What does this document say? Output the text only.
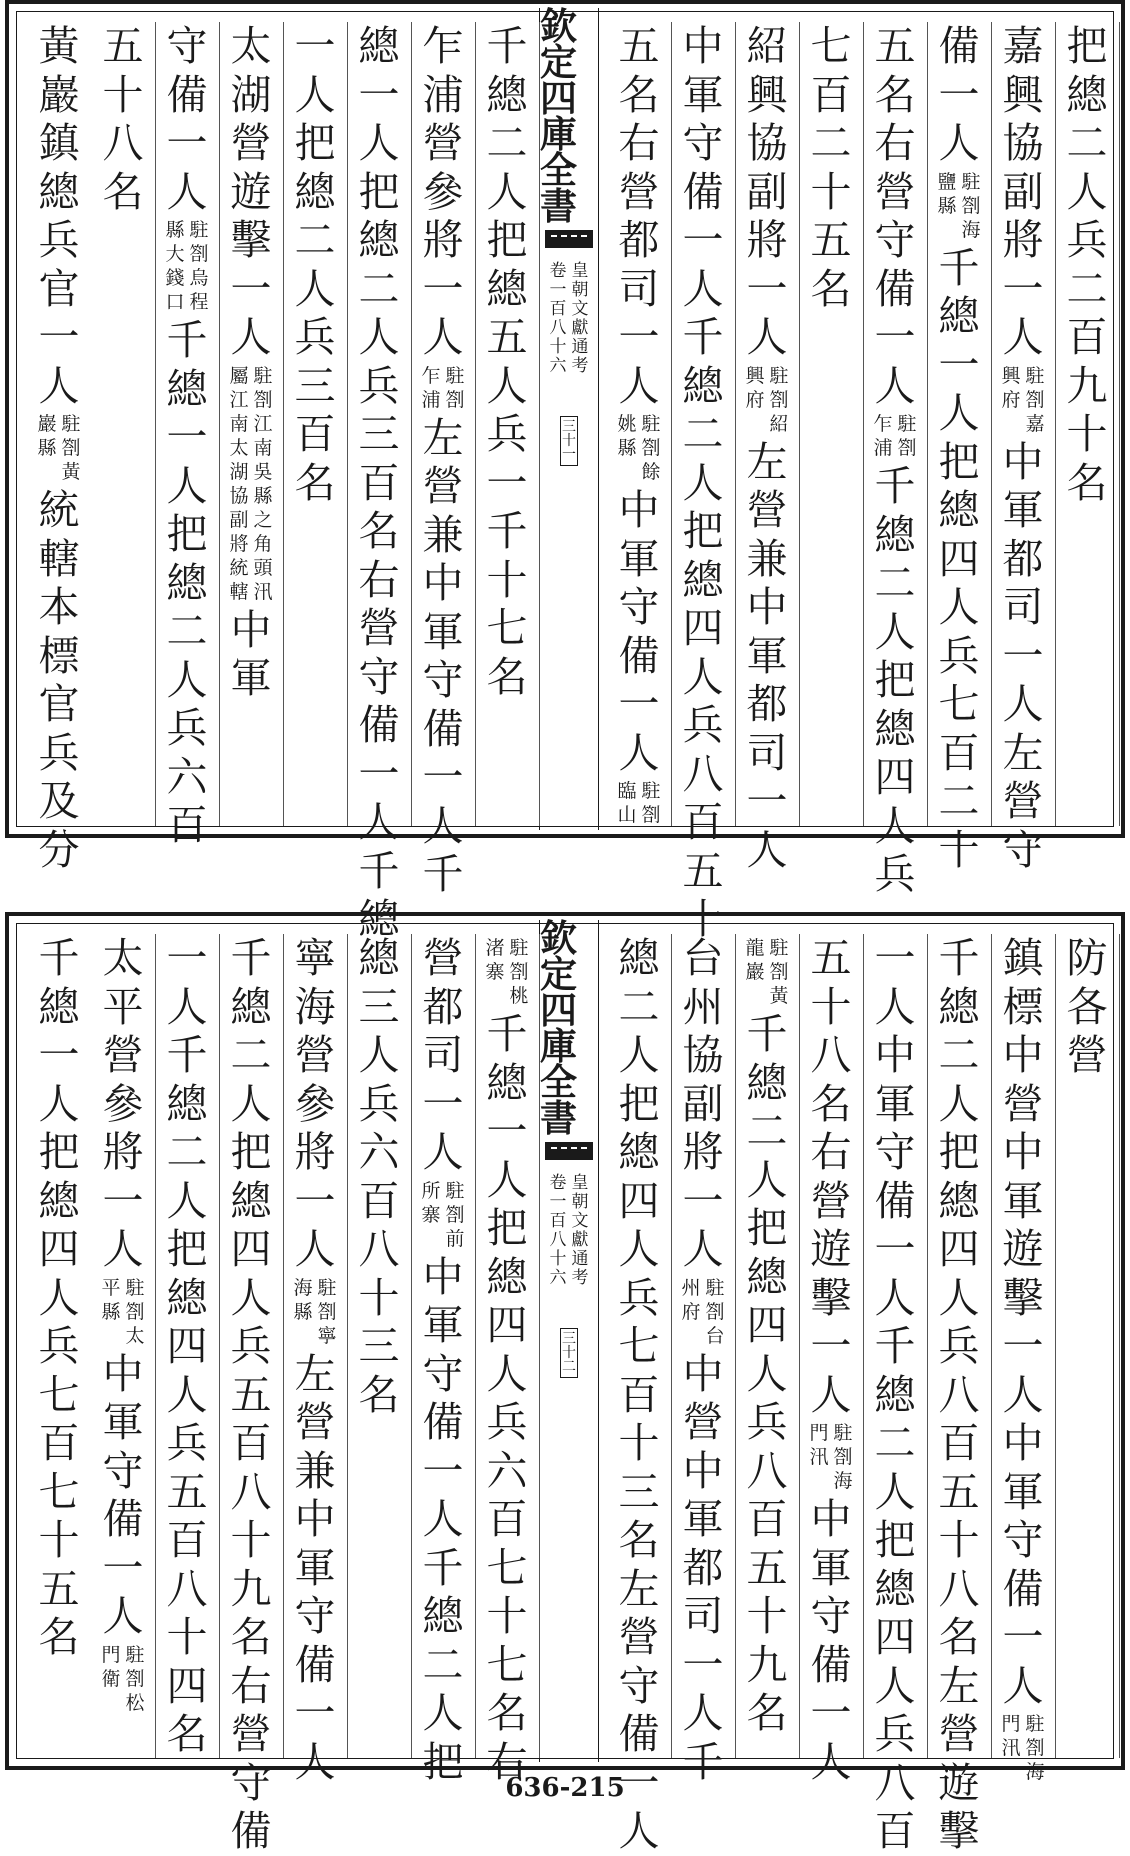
欽 定 四 庫 全 書
皇
朝
文
獻
通
考
卷
一
百
八
十
六
三
十
一
把
總
二
人
兵
二
百
九
十
名
嘉
興
協
副
將
一
人
駐
劄
嘉
興
府
中
軍
都
司
一
人
左
營
守
備
一
人
駐
劄
海
鹽
縣
千
總
一
人
把
總
四
人
兵
七
百
二
十
五
名
右
營
守
備
一
人
駐
劄
乍
浦
千
總
二
人
把
總
四
人
兵
七
百
二
十
五
名
紹
興
協
副
將
一
人
駐
劄
紹
興
府
左
營
兼
中
軍
都
司
一
人
中
軍
守
備
一
人
千
總
二
人
把
總
四
人
兵
八
百
五
十
五
名
右
營
都
司
一
人
駐
劄
餘
姚
縣
中
軍
守
備
一
人
駐
劄
臨
山
千
總
二
人
把
總
五
人
兵
一
千
十
七
名
乍
浦
營
參
將
一
人
駐
劄
乍
浦
左
營
兼
中
軍
守
備
一
人
千
總
一
人
把
總
二
人
兵
三
百
名
右
營
守
備
一
人
千
總
一
人
把
總
二
人
兵
三
百
名
太
湖
營
遊
擊
一
人
駐
劄
江
南
吳
縣
之
角
頭
汛
屬
江
南
太
湖
協
副
將
統
轄
中
軍
守
備
一
人
駐
劄
烏
程
縣
大
錢
口
千
總
一
人
把
總
二
人
兵
六
百
五
十
八
名
黃
巖
鎮
總
兵
官
一
人
駐
劄
黃
巖
縣
統
轄
本
標
官
兵
及
分
欽 定 四 庫 全 書
皇
朝
文
獻
通
考
卷
一
百
八
十
六
三
十
二
防
各
營
鎮
標
中
營
中
軍
遊
擊
一
人
中
軍
守
備
一
人
駐
劄
海
門
汛
千
總
二
人
把
總
四
人
兵
八
百
五
十
八
名
左
營
遊
擊
一
人
中
軍
守
備
一
人
千
總
二
人
把
總
四
人
兵
八
百
五
十
八
名
右
營
遊
擊
一
人
駐
劄
海
門
汛
中
軍
守
備
一
人
駐
劄
黃
龍
巖
千
總
二
人
把
總
四
人
兵
八
百
五
十
九
名
台
州
協
副
將
一
人
駐
劄
台
州
府
中
營
中
軍
都
司
一
人
千
總
二
人
把
總
四
人
兵
七
百
十
三
名
左
營
守
備
一
人
駐
劄
桃
渚
寨
千
總
一
人
把
總
四
人
兵
六
百
七
十
七
名
右
營
都
司
一
人
駐
劄
前
所
寨
中
軍
守
備
一
人
千
總
二
人
把
總
三
人
兵
六
百
八
十
三
名
寧
海
營
參
將
一
人
駐
劄
寧
海
縣
左
營
兼
中
軍
守
備
一
人
千
總
二
人
把
總
四
人
兵
五
百
八
十
九
名
右
營
守
備
一
人
千
總
二
人
把
總
四
人
兵
五
百
八
十
四
名
太
平
營
參
將
一
人
駐
劄
太
平
縣
中
軍
守
備
一
人
駐
劄
松
門
衛
千
總
一
人
把
總
四
人
兵
七
百
七
十
五
名
636-215
